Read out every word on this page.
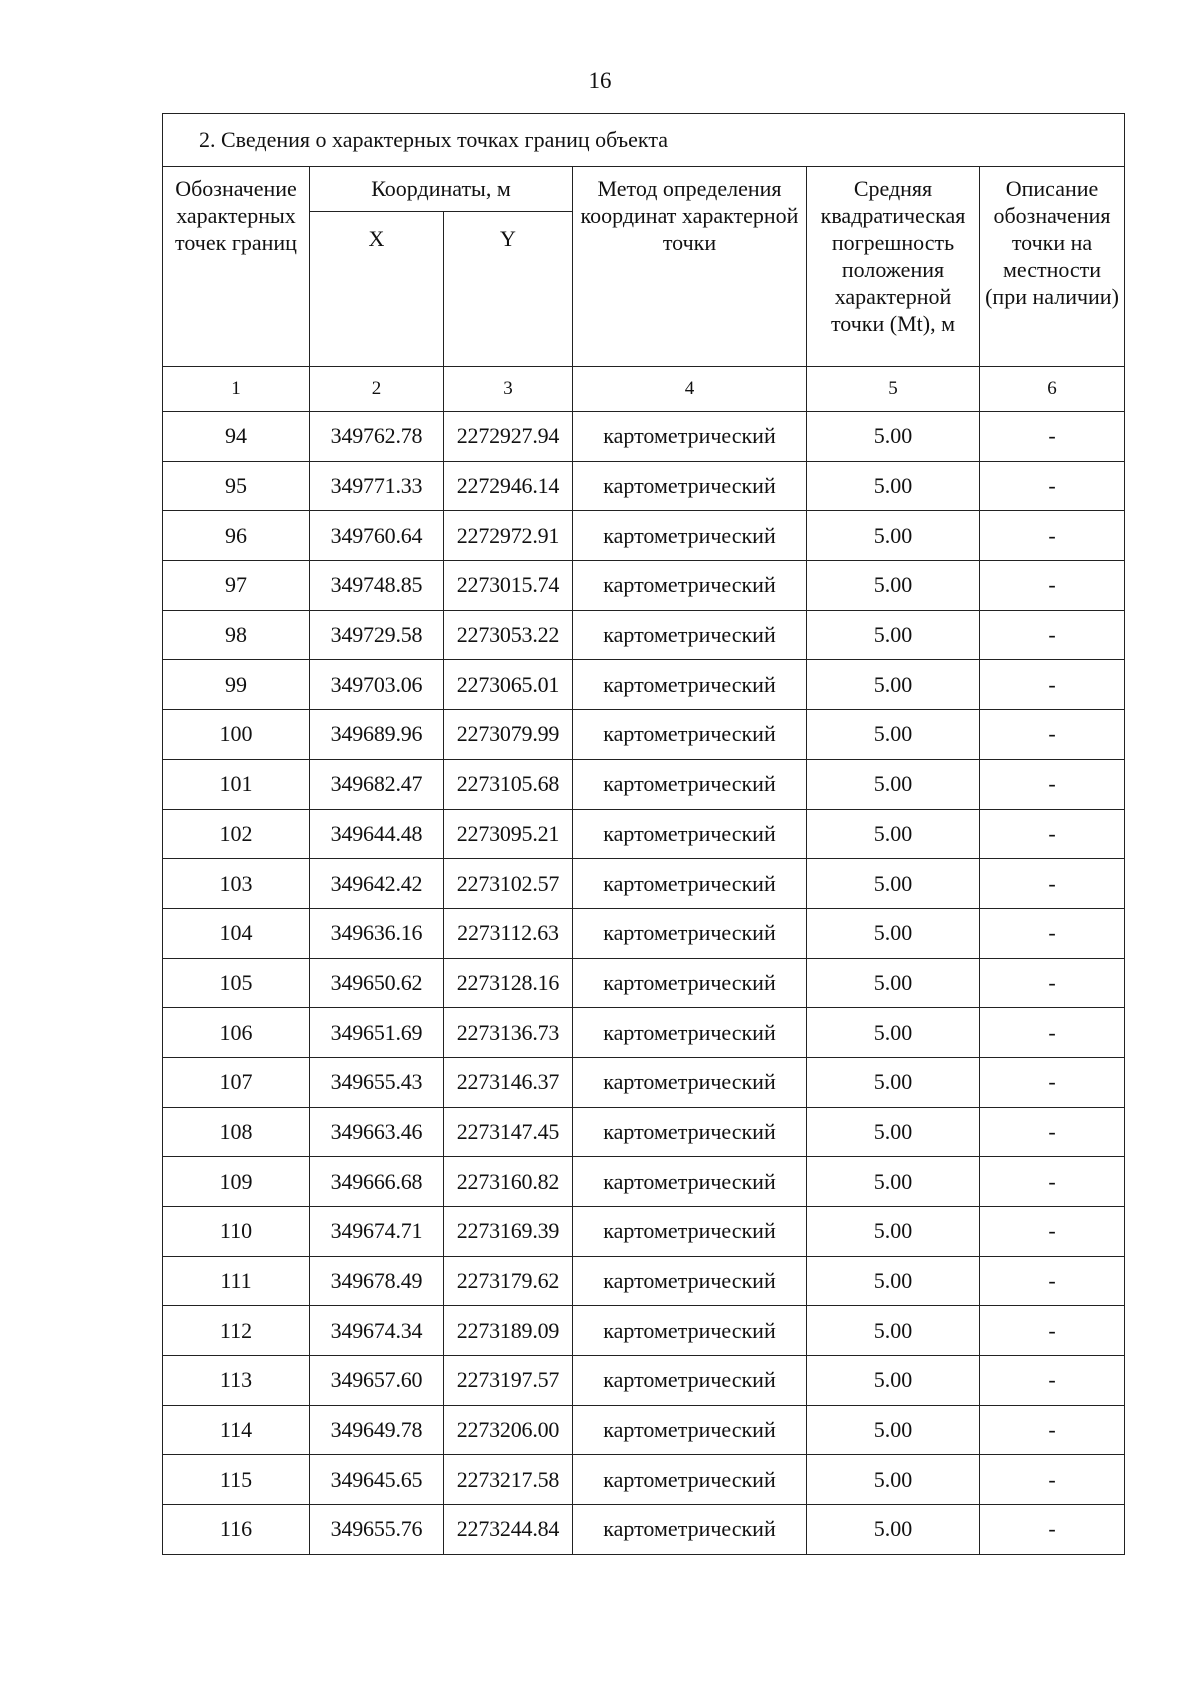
16
2. Сведения о характерных точках границ объекта					
Обозначение характерных точек границ	Координаты, м		Метод определения координат характерной точки	Средняя квадратическая погрешность положения характерной точки (Mt), м	Описание обозначения точки на местности (при наличии)
	X	Y			
1	2	3	4	5	6
94	349762.78	2272927.94	картометрический	5.00	-
95	349771.33	2272946.14	картометрический	5.00	-
96	349760.64	2272972.91	картометрический	5.00	-
97	349748.85	2273015.74	картометрический	5.00	-
98	349729.58	2273053.22	картометрический	5.00	-
99	349703.06	2273065.01	картометрический	5.00	-
100	349689.96	2273079.99	картометрический	5.00	-
101	349682.47	2273105.68	картометрический	5.00	-
102	349644.48	2273095.21	картометрический	5.00	-
103	349642.42	2273102.57	картометрический	5.00	-
104	349636.16	2273112.63	картометрический	5.00	-
105	349650.62	2273128.16	картометрический	5.00	-
106	349651.69	2273136.73	картометрический	5.00	-
107	349655.43	2273146.37	картометрический	5.00	-
108	349663.46	2273147.45	картометрический	5.00	-
109	349666.68	2273160.82	картометрический	5.00	-
110	349674.71	2273169.39	картометрический	5.00	-
111	349678.49	2273179.62	картометрический	5.00	-
112	349674.34	2273189.09	картометрический	5.00	-
113	349657.60	2273197.57	картометрический	5.00	-
114	349649.78	2273206.00	картометрический	5.00	-
115	349645.65	2273217.58	картометрический	5.00	-
116	349655.76	2273244.84	картометрический	5.00	-
